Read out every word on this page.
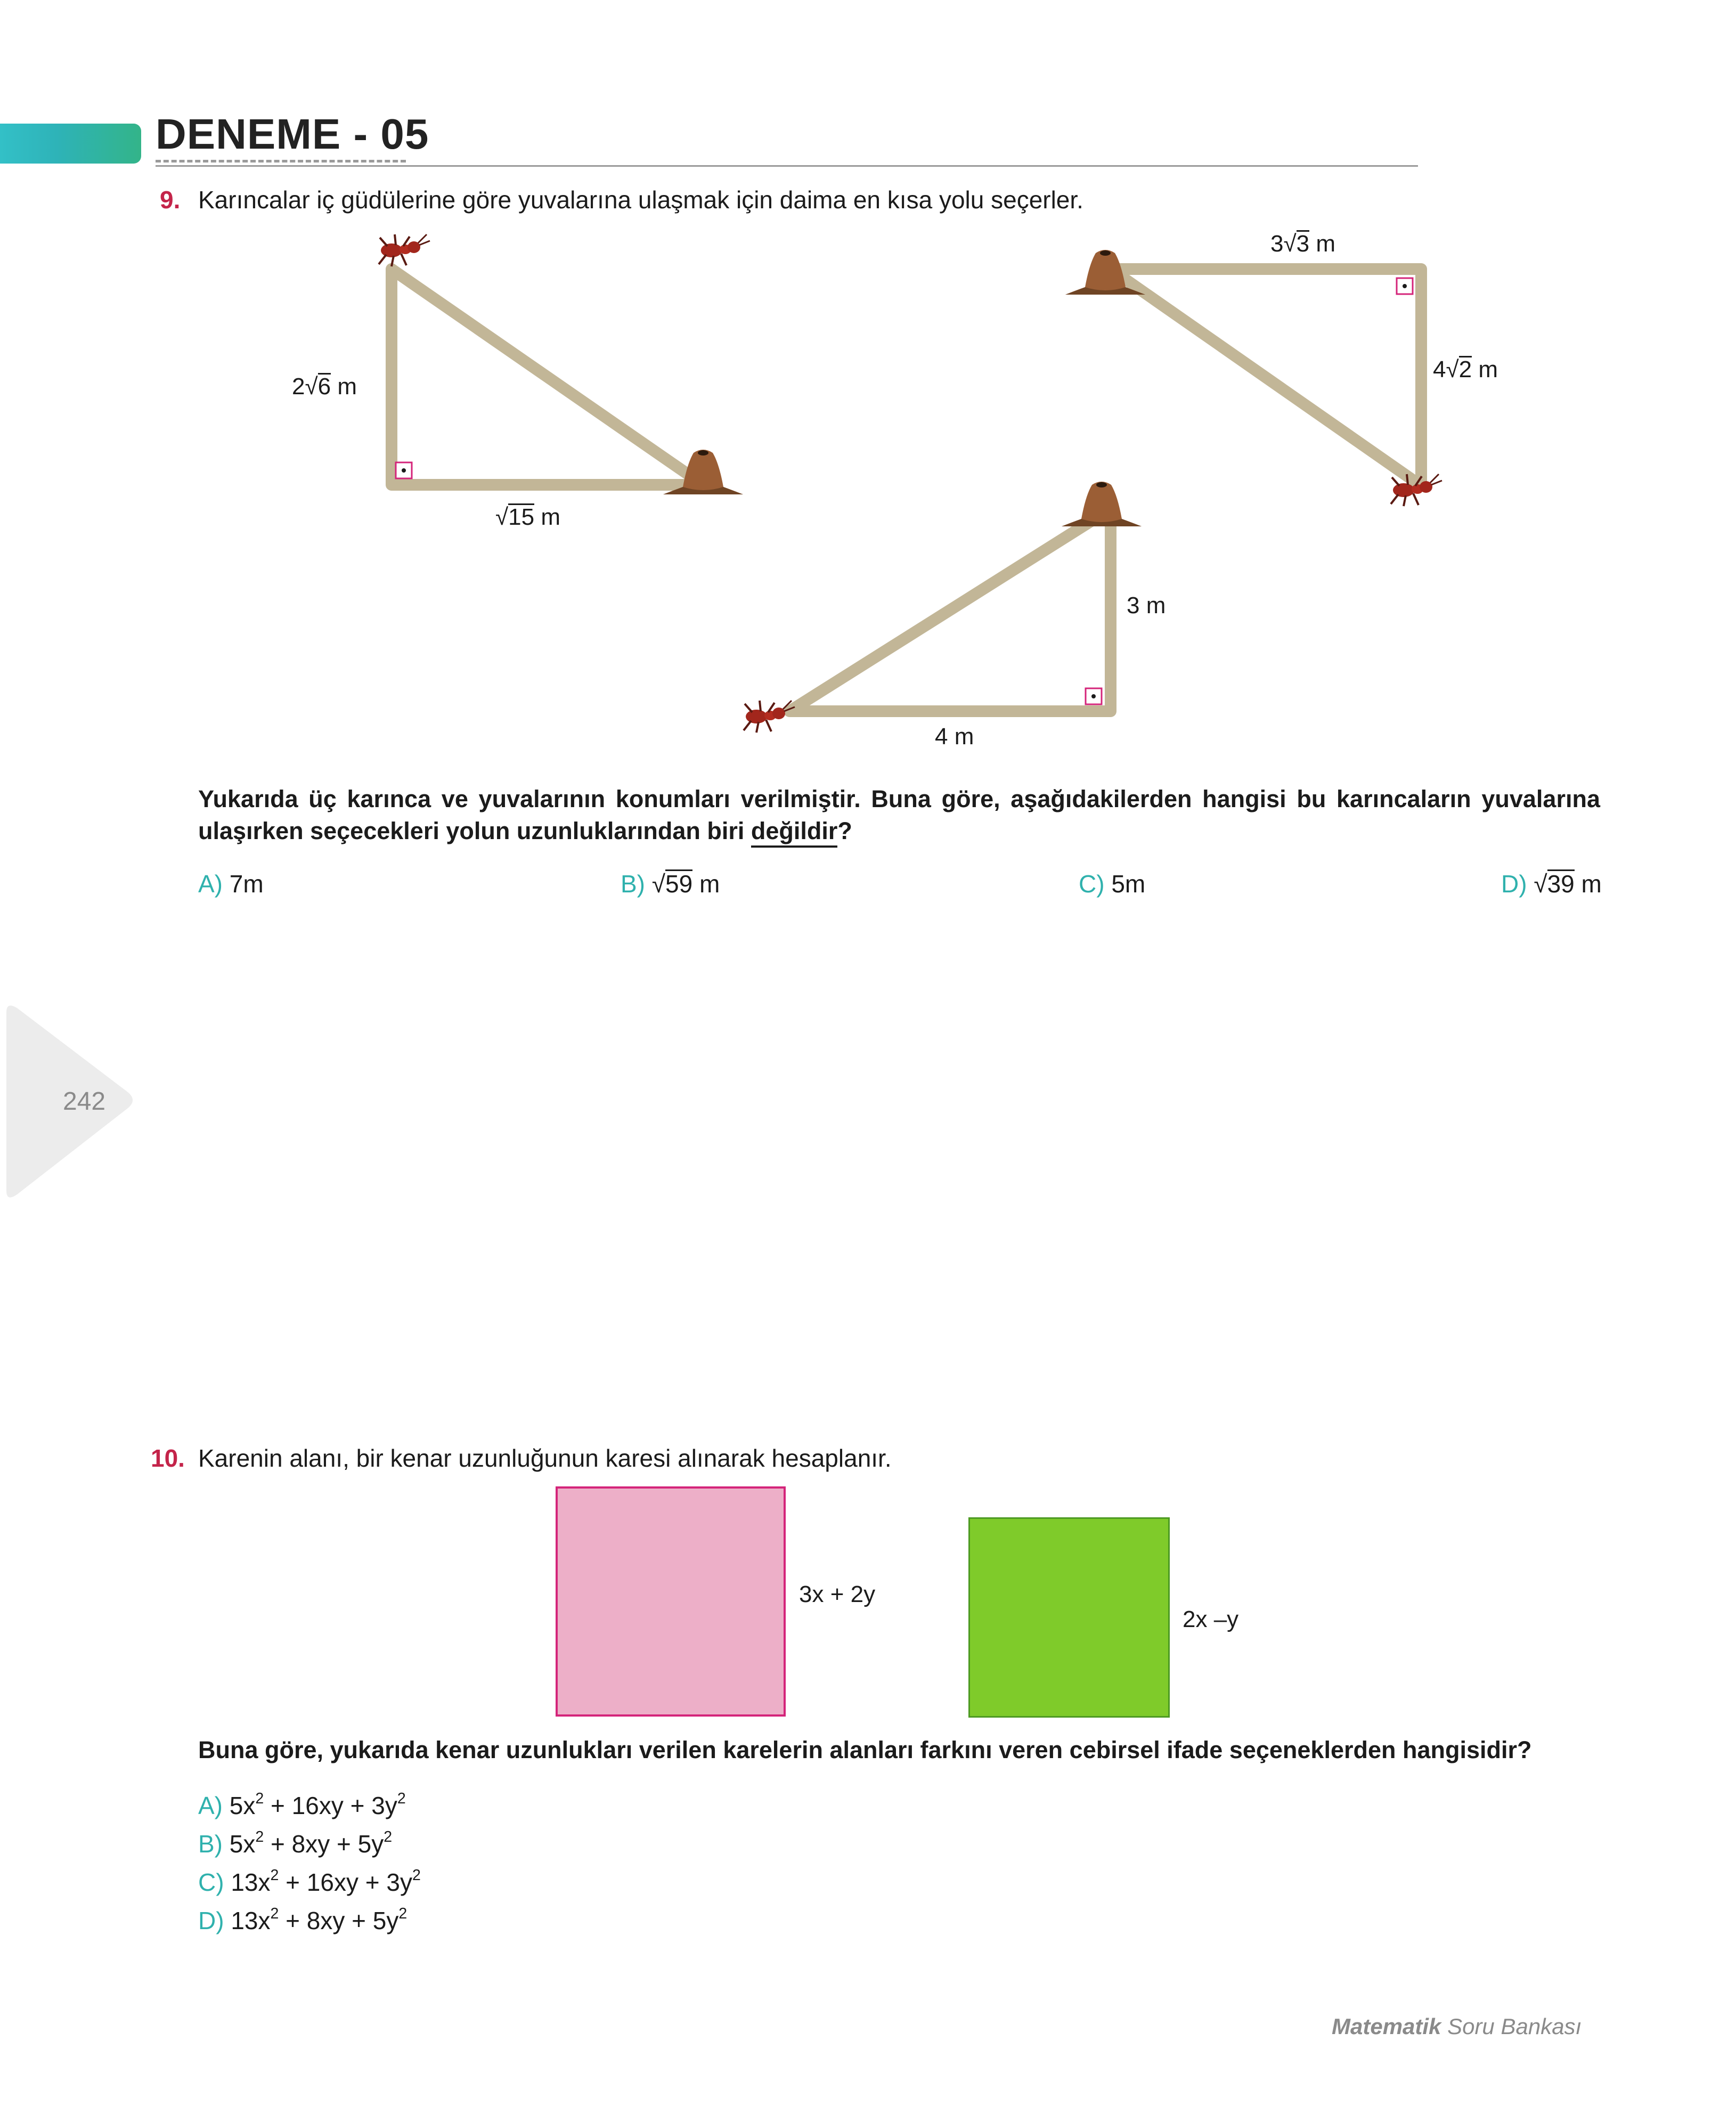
DENEME - 05
9. Karıncalar iç güdülerine göre yuvalarına ulaşmak için daima en kısa yolu seçerler.
2√6 m
√15 m
3√3 m
4√2 m
3 m
4 m
Yukarıda üç karınca ve yuvalarının konumları verilmiştir. Buna göre, aşağıdakilerden hangisi bu karıncaların yuvalarına
ulaşırken seçecekleri yolun uzunluklarından biri değildir?
A) 7m	B) √59 m	C) 5m	D) √39 m
242
10. Karenin alanı, bir kenar uzunluğunun karesi alınarak hesaplanır.
3x + 2y
2x –y
Buna göre, yukarıda kenar uzunlukları verilen karelerin alanları farkını veren cebirsel ifade seçeneklerden hangisidir?
A) $5x^2 + 16xy + 3y^2$
B) $5x^2 + 8xy + 5y^2$
C) $13x^2 + 16xy + 3y^2$
D) $13x^2 + 8xy + 5y^2$
Matematik Soru Bankası
